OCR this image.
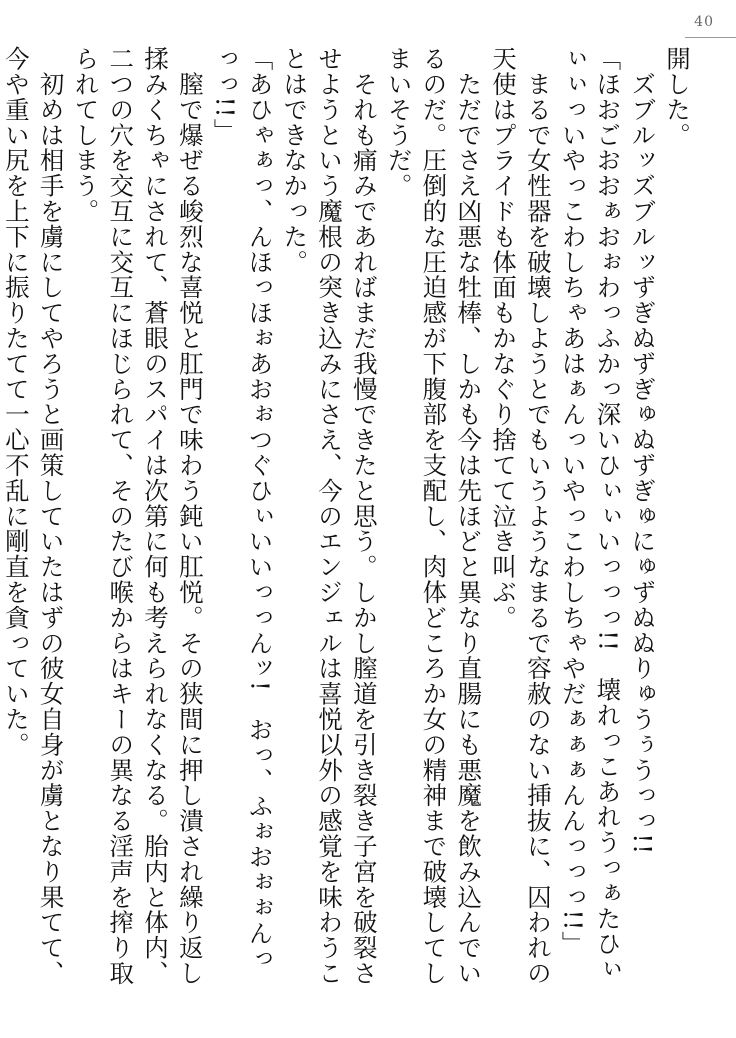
40

開した。

　ズブルッズブルッずぎぬずぎゅぬずぎゅにゅずぬぬりゅうぅうっっ!!

「ほおごおおぁおぉわっふかっ深いひぃぃいっっっ!!　壊れっこあれうっぁたひぃぃぃっいやっこわしちゃあはぁんっいやっこわしちゃやだぁぁぁんんっっっ!!」

　まるで女性器を破壊しようとでもいうようなまるで容赦のない挿抜に、囚われの天使はプライドも体面もかなぐり捨てて泣き叫ぶ。

　ただでさえ凶悪な牡棒、しかも今は先ほどと異なり直腸にも悪魔を飲み込んでいるのだ。圧倒的な圧迫感が下腹部を支配し、肉体どころか女の精神まで破壊してしまいそうだ。

　それも痛みであればまだ我慢できたと思う。しかし膣道を引き裂き子宮を破裂させようという魔根の突き込みにさえ、今のエンジェルは喜悦以外の感覚を味わうことはできなかった。

「あひゃぁっ、んほっほぉあおぉつぐひぃいいっっんッ!　おっ、ふぉおぉぉんっっっ!!」

　膣で爆ぜる峻烈な喜悦と肛門で味わう鈍い肛悦。その狭間に押し潰され繰り返し揉みくちゃにされて、蒼眼のスパイは次第に何も考えられなくなる。胎内と体内、二つの穴を交互に交互にほじられて、そのたび喉からはキーの異なる淫声を搾り取られてしまう。

　初めは相手を虜にしてやろうと画策していたはずの彼女自身が虜となり果てて、今や重い尻を上下に振りたてて一心不乱に剛直を貪っていた。
